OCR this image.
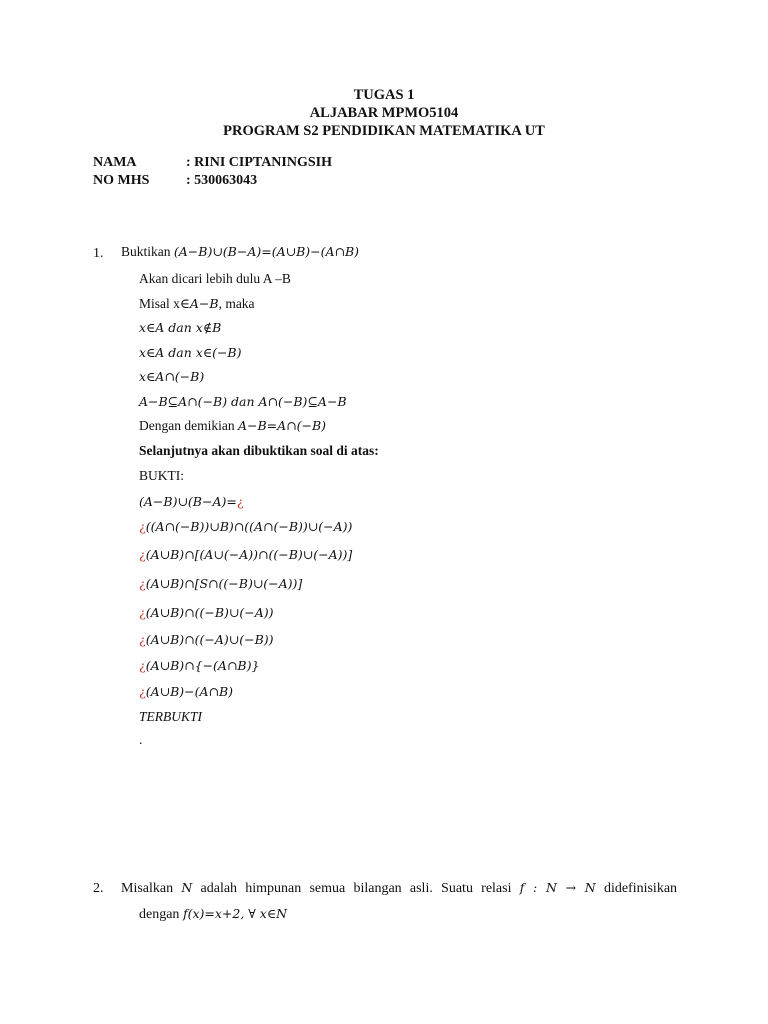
TUGAS 1
ALJABAR MPMO5104
PROGRAM S2 PENDIDIKAN MATEMATIKA UT
NAMA	: RINI CIPTANINGSIH
NO MHS	: 530063043
1. Buktikan (A−B)∪(B−A)=(A∪B)−(A∩B)
Akan dicari lebih dulu A –B
Misal x∈A−B, maka
x∈A dan x∉B
x∈A dan x∈(−B)
x∈A∩(−B)
A−B⊆A∩(−B) dan A∩(−B)⊆A−B
Dengan demikian A−B=A∩(−B)
Selanjutnya akan dibuktikan soal di atas:
BUKTI:
(A−B)∪(B−A)=¿
¿((A∩(−B))∪B)∩((A∩(−B))∪(−A))
¿(A∪B)∩[(A∪(−A))∩((−B)∪(−A))]
¿(A∪B)∩[S∩((−B)∪(−A))]
¿(A∪B)∩((−B)∪(−A))
¿(A∪B)∩((−A)∪(−B))
¿(A∪B)∩{−(A∩B)}
¿(A∪B)−(A∩B)
TERBUKTI
.
2. Misalkan N adalah himpunan semua bilangan asli. Suatu relasi f : N → N didefinisikan
dengan f(x)=x+2, ∀ x∈N
